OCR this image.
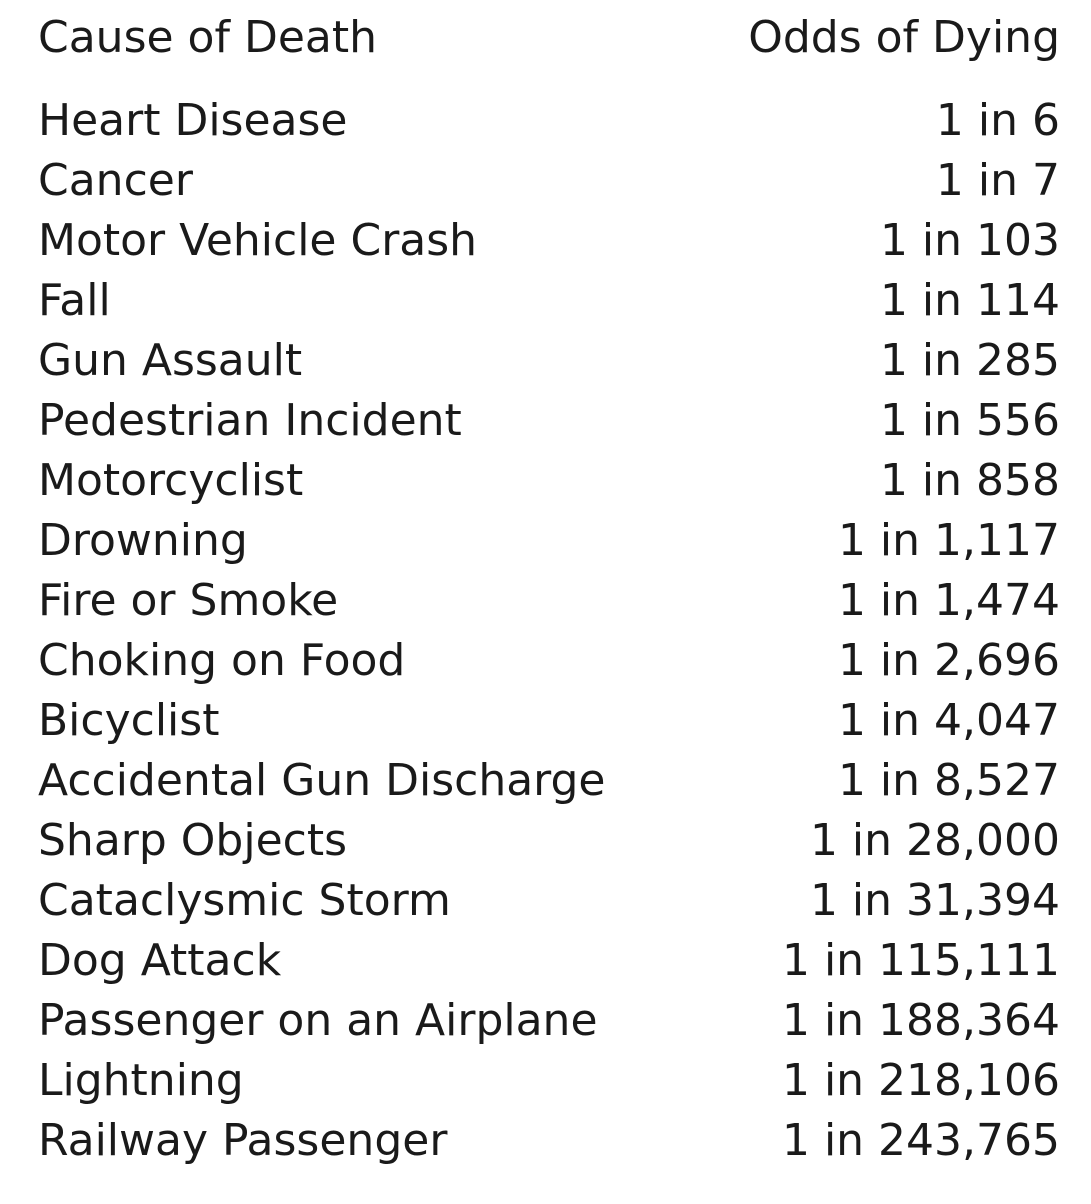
Cause of Death	Odds of Dying
Heart Disease	1 in 6
Cancer	1 in 7
Motor Vehicle Crash	1 in 103
Fall	1 in 114
Gun Assault	1 in 285
Pedestrian Incident	1 in 556
Motorcyclist	1 in 858
Drowning	1 in 1,117
Fire or Smoke	1 in 1,474
Choking on Food	1 in 2,696
Bicyclist	1 in 4,047
Accidental Gun Discharge	1 in 8,527
Sharp Objects	1 in 28,000
Cataclysmic Storm	1 in 31,394
Dog Attack	1 in 115,111
Passenger on an Airplane	1 in 188,364
Lightning	1 in 218,106
Railway Passenger	1 in 243,765
